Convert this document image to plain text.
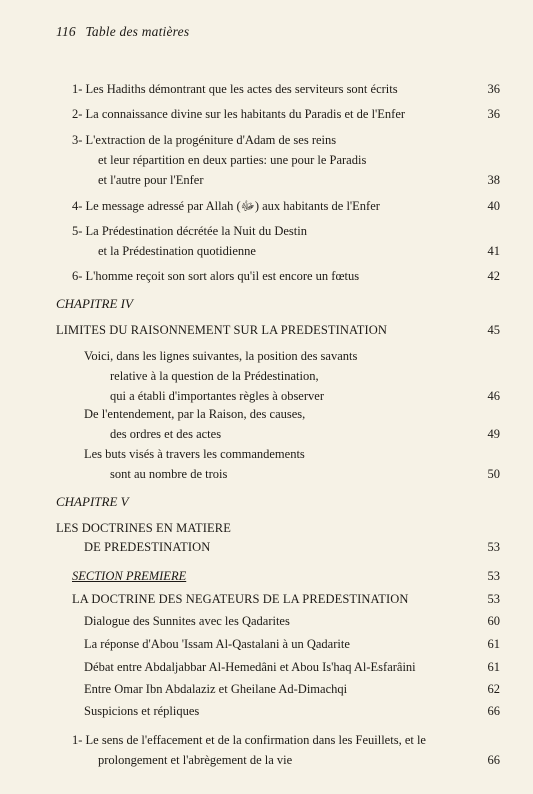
116 Table des matières
1- Les Hadiths démontrant que les actes des serviteurs sont écrits	36
2- La connaissance divine sur les habitants du Paradis et de l'Enfer	36
3- L'extraction de la progéniture d'Adam de ses reins
et leur répartition en deux parties: une pour le Paradis
et l'autre pour l'Enfer	38
4- Le message adressé par Allah (ﷻ) aux habitants de l'Enfer	40
5- La Prédestination décrétée la Nuit du Destin
et la Prédestination quotidienne	41
6- L'homme reçoit son sort alors qu'il est encore un fœtus	42
CHAPITRE IV
LIMITES DU RAISONNEMENT SUR LA PREDESTINATION	45
Voici, dans les lignes suivantes, la position des savants
relative à la question de la Prédestination,
qui a établi d'importantes règles à observer	46
De l'entendement, par la Raison, des causes,
des ordres et des actes	49
Les buts visés à travers les commandements
sont au nombre de trois	50
CHAPITRE V
LES DOCTRINES EN MATIERE
DE PREDESTINATION	53
SECTION PREMIERE	53
LA DOCTRINE DES NEGATEURS DE LA PREDESTINATION	53
Dialogue des Sunnites avec les Qadarites	60
La réponse d'Abou 'Issam Al-Qastalani à un Qadarite	61
Débat entre Abdaljabbar Al-Hemedâni et Abou Is'haq Al-Esfarâini	61
Entre Omar Ibn Abdalaziz et Gheilane Ad-Dimachqi	62
Suspicions et répliques	66
1- Le sens de l'effacement et de la confirmation dans les Feuillets, et le
prolongement et l'abrègement de la vie	66
